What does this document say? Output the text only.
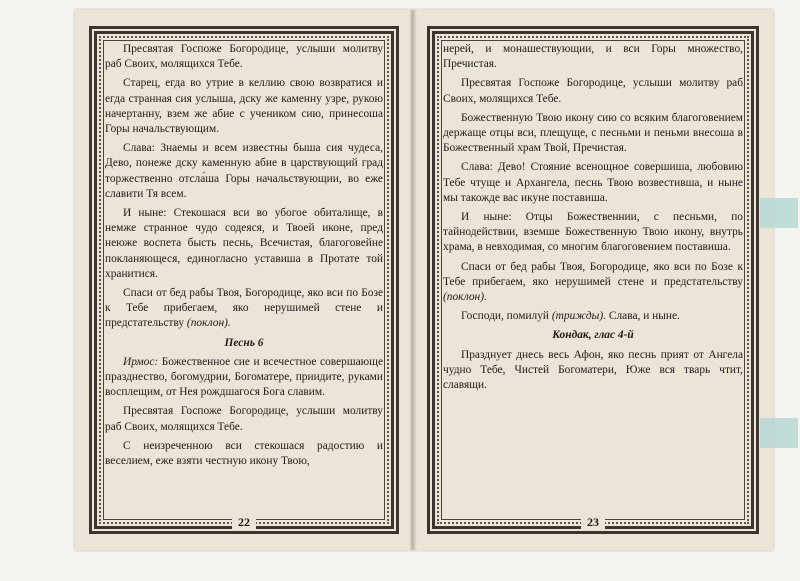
Пресвятая Госпоже Богородице, услыши молитву раб Своих, молящихся Тебе.

Старец, егда во утрие в келлию свою возвратися и егда странная сия услыша, дску же каменну узре, рукою начертанну, взем же абие с учеником сию, принесоша Горы начальствующим.

Слава: Знаемы и всем известны быша сия чудеса, Дево, понеже дску каменную абие в царствующий град торжественно отсла́ша Горы начальствующии, во еже славити Тя всем.

И ныне: Стекошася вси во убогое обиталище, в немже странное чудо содеяся, и Твоей иконе, пред неюже воспета бысть песнь, Всечистая, благоговейне покланяющеся, единогласно уставиша в Протате той хранитися.

Спаси от бед рабы Твоя, Богородице, яко вси по Бозе к Тебе прибегаем, яко нерушимей стене и предстательству (поклон).

Песнь 6

Ирмос: Божественное сие и всечестное совершающе празднество, богомудрии, Богоматере, приидите, руками восплещим, от Нея рождшагося Бога славим.

Пресвятая Госпоже Богородице, услыши молитву раб Своих, молящихся Тебе.

С неизреченною вси стекошася радостию и веселием, еже взяти честную икону Твою,

22

нерей, и монашествующии, и вси Горы множество, Пречистая.

Пресвятая Госпоже Богородице, услыши молитву раб Своих, молящихся Тебе.

Божественную Твою икону сию со всяким благоговением держаще отцы вси, плещуще, с песньми и пеньми внесоша в Божественный храм Твой, Пречистая.

Слава: Дево! Стояние всенощное совершиша, любовию Тебе чтуще и Архангела, песнь Твою возвестивша, и ныне мы такожде вас икуне поставиша.

И ныне: Отцы Божественнии, с песньми, по тайнодействии, вземше Божественную Твою икону, внутрь храма, в невходимая, со многим благоговением поставиша.

Спаси от бед рабы Твоя, Богородице, яко вси по Бозе к Тебе прибегаем, яко нерушимей стене и предстательству (поклон).

Господи, помилуй (трижды). Слава, и ныне.

Кондак, глас 4-й

Празднует днесь весь Афон, яко песнь прият от Ангела чудно Тебе, Чистей Богоматери, Юже вся тварь чтит, славящи.

23
